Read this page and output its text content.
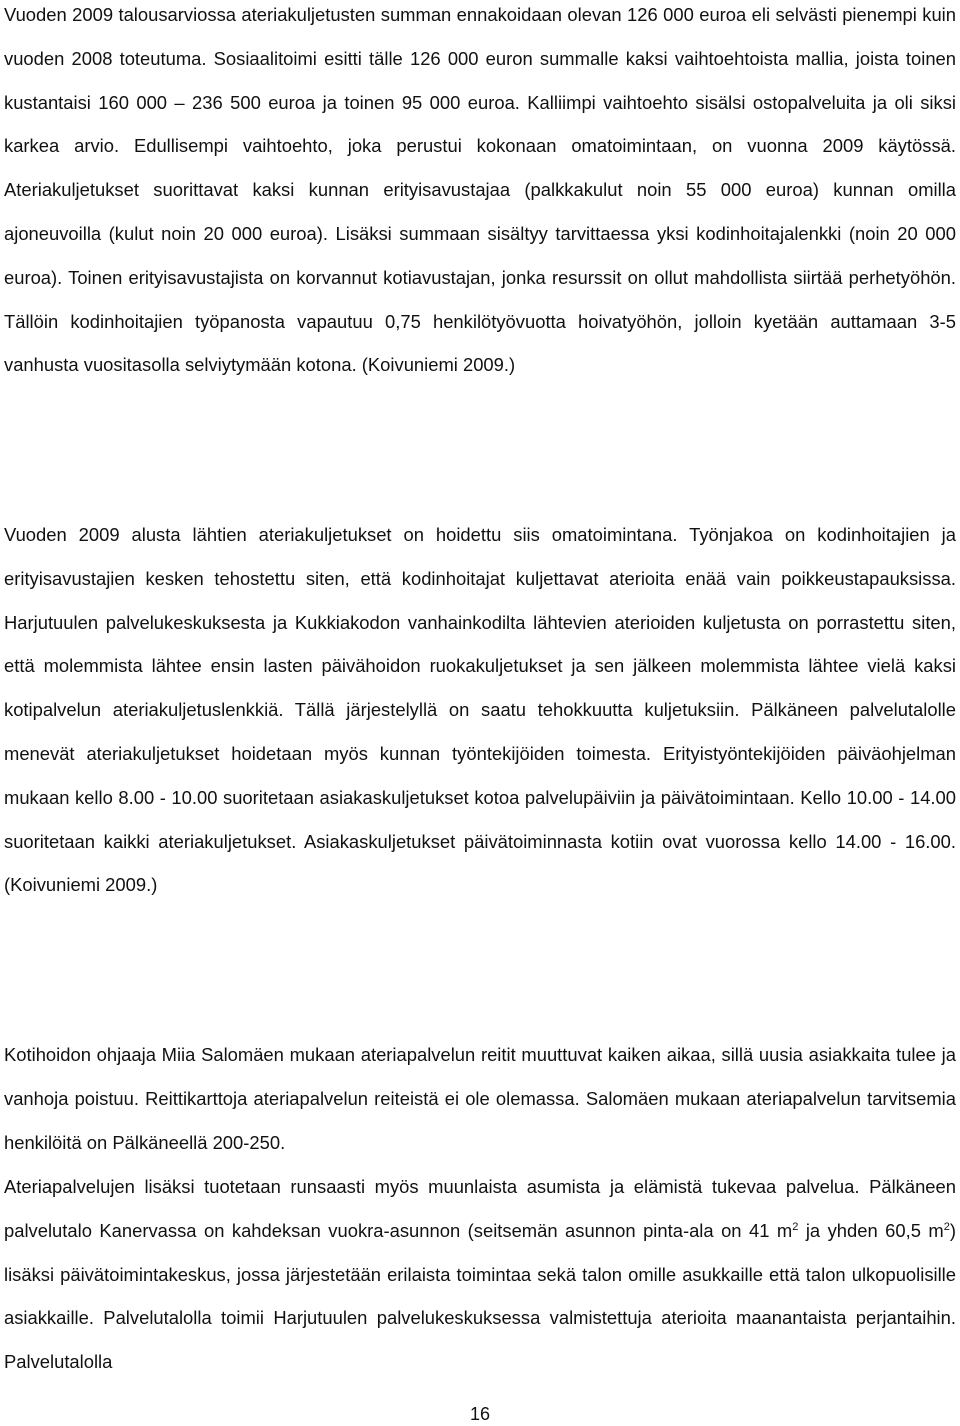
Vuoden 2009 talousarviossa ateriakuljetusten summan ennakoidaan olevan 126 000 euroa eli selvästi pienempi kuin vuoden 2008 toteutuma. Sosiaalitoimi esitti tälle 126 000 euron summalle kaksi vaihtoehtoista mallia, joista toinen kustantaisi 160 000 – 236 500 euroa ja toinen 95 000 euroa. Kalliimpi vaihtoehto sisälsi ostopalveluita ja oli siksi karkea arvio. Edullisempi vaihtoehto, joka perustui kokonaan omatoimintaan, on vuonna 2009 käytössä. Ateriakuljetukset suorittavat kaksi kunnan erityisavustajaa (palkkakulut noin 55 000 euroa) kunnan omilla ajoneuvoilla (kulut noin 20 000 euroa). Lisäksi summaan sisältyy tarvittaessa yksi kodinhoitajalenkki (noin 20 000 euroa). Toinen erityisavustajista on korvannut kotiavustajan, jonka resurssit on ollut mahdollista siirtää perhetyöhön. Tällöin kodinhoitajien työpanosta vapautuu 0,75 henkilötyövuotta hoivatyöhön, jolloin kyetään auttamaan 3-5 vanhusta vuositasolla selviytymään kotona. (Koivuniemi 2009.)

Vuoden 2009 alusta lähtien ateriakuljetukset on hoidettu siis omatoimintana. Työnjakoa on kodinhoitajien ja erityisavustajien kesken tehostettu siten, että kodinhoitajat kuljettavat aterioita enää vain poikkeustapauksissa. Harjutuulen palvelukeskuksesta ja Kukkiakodon vanhainkodilta lähtevien aterioiden kuljetusta on porrastettu siten, että molemmista lähtee ensin lasten päivähoidon ruokakuljetukset ja sen jälkeen molemmista lähtee vielä kaksi kotipalvelun ateriakuljetuslenkkiä. Tällä järjestelyllä on saatu tehokkuutta kuljetuksiin. Pälkäneen palvelutalolle menevät ateriakuljetukset hoidetaan myös kunnan työntekijöiden toimesta. Erityistyöntekijöiden päiväohjelman mukaan kello 8.00 - 10.00 suoritetaan asiakaskuljetukset kotoa palvelupäiviin ja päivätoimintaan. Kello 10.00 - 14.00 suoritetaan kaikki ateriakuljetukset. Asiakaskuljetukset päivätoiminnasta kotiin ovat vuorossa kello 14.00 - 16.00. (Koivuniemi 2009.)

Kotihoidon ohjaaja Miia Salomäen mukaan ateriapalvelun reitit muuttuvat kaiken aikaa, sillä uusia asiakkaita tulee ja vanhoja poistuu. Reittikarttoja ateriapalvelun reiteistä ei ole olemassa. Salomäen mukaan ateriapalvelun tarvitsemia henkilöitä on Pälkäneellä 200-250.

Ateriapalvelujen lisäksi tuotetaan runsaasti myös muunlaista asumista ja elämistä tukevaa palvelua. Pälkäneen palvelutalo Kanervassa on kahdeksan vuokra-asunnon (seitsemän asunnon pinta-ala on 41 $m^2$ ja yhden 60,5 $m^2$) lisäksi päivätoimintakeskus, jossa järjestetään erilaista toimintaa sekä talon omille asukkaille että talon ulkopuolisille asiakkaille. Palvelutalolla toimii Harjutuulen palvelukeskuksessa valmistettuja aterioita maanantaista perjantaihin. Palvelutalolla

16
